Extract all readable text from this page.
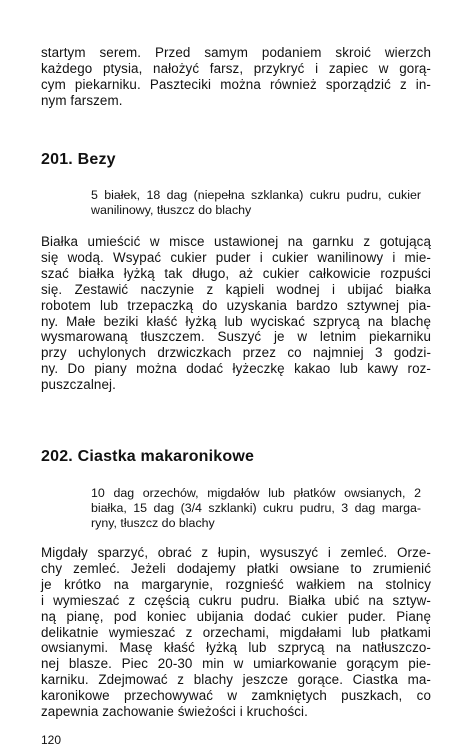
startym serem. Przed samym podaniem skroić wierzch
każdego ptysia, nałożyć farsz, przykryć i zapiec w gorą-
cym piekarniku. Paszteciki można również sporządzić z in-
nym farszem.
201. Bezy
5 białek, 18 dag (niepełna szklanka) cukru pudru, cukier
wanilinowy, tłuszcz do blachy
Białka umieścić w misce ustawionej na garnku z gotującą
się wodą. Wsypać cukier puder i cukier wanilinowy i mie-
szać białka łyżką tak długo, aż cukier całkowicie rozpuści
się. Zestawić naczynie z kąpieli wodnej i ubijać białka
robotem lub trzepaczką do uzyskania bardzo sztywnej pia-
ny. Małe beziki kłaść łyżką lub wyciskać szprycą na blachę
wysmarowaną tłuszczem. Suszyć je w letnim piekarniku
przy uchylonych drzwiczkach przez co najmniej 3 godzi-
ny. Do piany można dodać łyżeczkę kakao lub kawy roz-
puszczalnej.
202. Ciastka makaronikowe
10 dag orzechów, migdałów lub płatków owsianych, 2
białka, 15 dag (3/4 szklanki) cukru pudru, 3 dag marga-
ryny, tłuszcz do blachy
Migdały sparzyć, obrać z łupin, wysuszyć i zemleć. Orze-
chy zemleć. Jeżeli dodajemy płatki owsiane to zrumienić
je krótko na margarynie, rozgnieść wałkiem na stolnicy
i wymieszać z częścią cukru pudru. Białka ubić na sztyw-
ną pianę, pod koniec ubijania dodać cukier puder. Pianę
delikatnie wymieszać z orzechami, migdałami lub płatkami
owsianymi. Masę kłaść łyżką lub szprycą na natłuszczo-
nej blasze. Piec 20-30 min w umiarkowanie gorącym pie-
karniku. Zdejmować z blachy jeszcze gorące. Ciastka ma-
karonikowe przechowywać w zamkniętych puszkach, co
zapewnia zachowanie świeżości i kruchości.
120
